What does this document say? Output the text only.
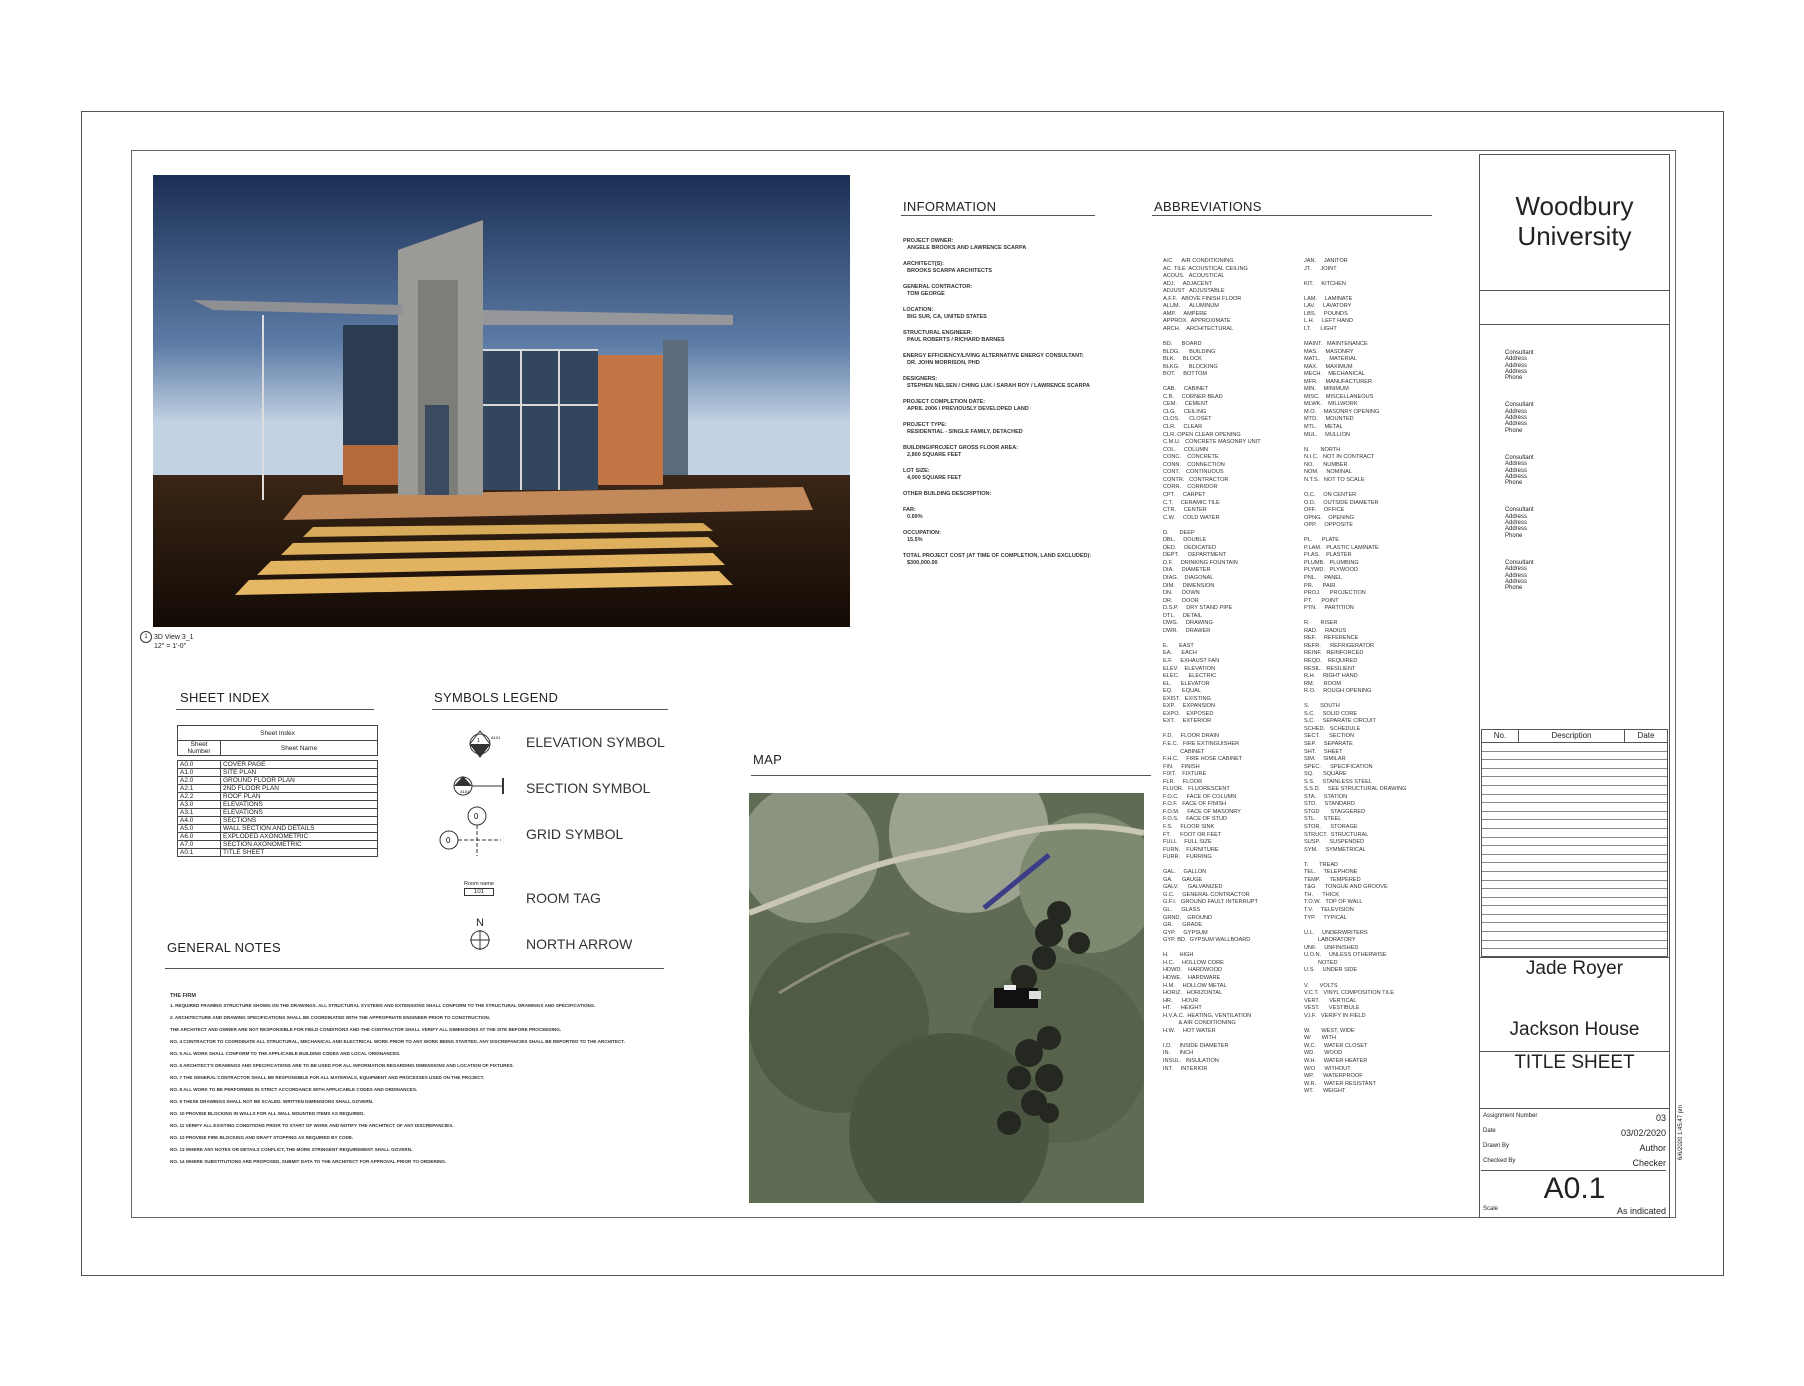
1 3D View 3_1
12" = 1'-0"
INFORMATION
PROJECT OWNER:
ANGELE BROOKS AND LAWRENCE SCARPA
ARCHITECT(S):
BROOKS SCARPA ARCHITECTS
GENERAL CONTRACTOR:
TOM GEORGE
LOCATION:
BIG SUR, CA, UNITED STATES
STRUCTURAL ENGINEER:
PAUL ROBERTS / RICHARD BARNES
ENERGY EFFICIENCY/LIVING ALTERNATIVE ENERGY CONSULTANT:
DR. JOHN MORRISON, PHD
DESIGNERS:
STEPHEN NELSEN / CHING LUK / SARAH ROY / LAWRENCE SCARPA
PROJECT COMPLETION DATE:
APRIL 2006 / PREVIOUSLY DEVELOPED LAND
PROJECT TYPE:
RESIDENTIAL - SINGLE FAMILY, DETACHED
BUILDING/PROJECT GROSS FLOOR AREA:
2,800 SQUARE FEET
LOT SIZE:
4,000 SQUARE FEET
OTHER BUILDING DESCRIPTION:
FAR:
0.69%
OCCUPATION:
15.5%
TOTAL PROJECT COST (AT TIME OF COMPLETION, LAND EXCLUDED):
$300,000.00
ABBREVIATIONS
A/C      AIR CONDITIONING
AC. TILE  ACOUSTICAL CEILING
ACOUS.   ACOUSTICAL
ADJ.     ADJACENT
ADJUST   ADJUSTABLE
A.F.F.   ABOVE FINISH FLOOR
ALUM.      ALUMINUM
AMP.     AMPERE
APPROX.  APPROXIMATE
ARCH.    ARCHITECTURAL

BD.      BOARD
BLDG.      BUILDING
BLK.     BLOCK
BLKG.      BLOCKING
BOT.     BOTTOM

CAB.     CABINET
C.B.     CORNER BEAD
CEM.     CEMENT
CLG.     CEILING
CLOS.      CLOSET
CLR.     CLEAR
CLR. OPEN CLEAR OPENING
C.M.U.   CONCRETE MASONRY UNIT
COL.     COLUMN
CONC.    CONCRETE
CONN.    CONNECTION
CONT.    CONTINUOUS
CONTR.   CONTRACTOR
CORR.    CORRIDOR
CPT.     CARPET
C.T.     CERAMIC TILE
CTR.     CENTER
C.W.     COLD WATER

D.       DEEP
DBL.     DOUBLE
DED.     DEDICATED
DEPT.      DEPARTMENT
D.F.     DRINKING FOUNTAIN
DIA.     DIAMETER
DIAG.    DIAGONAL
DIM.     DIMENSION
DN.      DOWN
DR.      DOOR
D.S.P.     DRY STAND PIPE
DTL.     DETAIL
DWG.     DRAWING
DWR.     DRAWER

E.       EAST
EA.      EACH
E.F.     EXHAUST FAN
ELEV.    ELEVATION
ELEC.      ELECTRIC
EL.      ELEVATOR
EQ.      EQUAL
EXIST.   EXISTING
EXP.     EXPANSION
EXPO.    EXPOSED
EXT.     EXTERIOR

F.D.     FLOOR DRAIN
F.E.C.   FIRE EXTINGUISHER
CABINET
F.H.C.     FIRE HOSE CABINET
FIN.     FINISH
FIXT.    FIXTURE
FLR.     FLOOR
FLUOR.   FLUORESCENT
F.O.C.     FACE OF COLUMN
F.O.F.   FACE OF FINISH
F.O.M.     FACE OF MASONRY
F.O.S.     FACE OF STUD
F.S.     FLOOR SINK
FT.      FOOT OR FEET
FULL     FULL SIZE
FURN.    FURNITURE
FURR.    FURRING

GAL.     GALLON
GA.      GAUGE
GALV.      GALVANIZED
G.C.     GENERAL CONTRACTOR
G.F.I.   GROUND FAULT INTERRUPT
GL.      GLASS
GRND.    GROUND
GR.      GRADE
GYP.     GYPSUM
GYP. BD.  GYPSUM WALLBOARD

H.       HIGH
H.C.     HOLLOW CORE
HDWD.    HARDWOOD
HDWE.    HARDWARE
H.M.     HOLLOW METAL
HORIZ.   HORIZONTAL
HR.      HOUR
HT.      HEIGHT
H.V.A.C.  HEATING, VENTILATION
& AIR CONDITIONING
H.W.     HOT WATER

I.D.     INSIDE DIAMETER
IN.      INCH
INSUL.   INSULATION
INT.     INTERIOR
JAN.     JANITOR
JT.      JOINT

KIT.     KITCHEN

LAM.     LAMINATE
LAV.     LAVATORY
LBS.     POUNDS
L.H.     LEFT HAND
LT.      LIGHT

MAINT.   MAINTENANCE
MAS.     MASONRY
MATL.      MATERIAL
MAX.     MAXIMUM
MECH.    MECHANICAL
MFR.     MANUFACTURER
MIN.     MINIMUM
MISC.    MISCELLANEOUS
MLWK.    MILLWORK
M.O.     MASONRY OPENING
MTD.     MOUNTED
MTL.     METAL
MUL.     MULLION

N.       NORTH
N.I.C.   NOT IN CONTRACT
NO.      NUMBER
NOM.     NOMINAL
N.T.S.   NOT TO SCALE

O.C.     ON CENTER
O.D.     OUTSIDE DIAMETER
OFF.     OFFICE
OPNG.    OPENING
OPP.     OPPOSITE

PL.      PLATE
P.LAM.   PLASTIC LAMINATE
PLAS.    PLASTER
PLUMB.   PLUMBING
PLYWD.   PLYWOOD
PNL.     PANEL
PR.      PAIR
PROJ.      PROJECTION
PT.      POINT
PTN.     PARTITION

R.       RISER
RAD.     RADIUS
REF.     REFERENCE
REFR.      REFRIGERATOR
REINF.   REINFORCED
REQD.    REQUIRED
RESIL.   RESILIENT
R.H.     RIGHT HAND
RM.      ROOM
R.O.     ROUGH OPENING

S.       SOUTH
S.C.     SOLID CORE
S.C.     SEPARATE CIRCUIT
SCHED.   SCHEDULE
SECT.      SECTION
SEP.     SEPARATE
SHT.     SHEET
SIM.     SIMILAR
SPEC.      SPECIFICATION
SQ.      SQUARE
S.S.     STAINLESS STEEL
S.S.D.     SEE STRUCTURAL DRAWING
STA.     STATION
STD.     STANDARD
STGD       STAGGERED
STL.     STEEL
STOR.      STORAGE
STRUCT.  STRUCTURAL
SUSP.      SUSPENDED
SYM.     SYMMETRICAL

T.       TREAD
TEL.     TELEPHONE
TEMP.      TEMPERED
T&G      TONGUE AND GROOVE
TH.      THICK
T.O.W.   TOP OF WALL
T.V.     TELEVISION
TYP.     TYPICAL

U.L.     UNDERWRITERS
LABORATORY
UNF.     UNFINISHED
U.O.N.     UNLESS OTHERWISE
NOTED
U.S.     UNDER SIDE

V.       VOLTS
V.C.T.   VINYL COMPOSITION TILE
VERT.      VERTICAL
VEST.      VESTIBULE
V.I.F.   VERIFY IN FIELD

W.       WEST, WIDE
W/       WITH
W.C.     WATER CLOSET
WD.      WOOD
W.H.     WATER HEATER
W/O      WITHOUT
WP.      WATERPROOF
W.R.     WATER RESISTANT
WT.      WEIGHT
SHEET INDEX
Sheet Index	
Sheet Number	Sheet Name

A0.0	COVER PAGE
A1.0	SITE PLAN
A2.0	GROUND FLOOR PLAN
A2.1	2ND FLOOR PLAN
A2.2	ROOF PLAN
A3.0	ELEVATIONS
A3.1	ELEVATIONS
A4.0	SECTIONS
A5.0	WALL SECTION AND DETAILS
A6.0	EXPLODED AXONOMETRIC
A7.0	SECTION AXONOMETRIC
A0.1	TITLE SHEET
SYMBOLS LEGEND
1
A101 ELEVATION SYMBOL
A101	SECTION SYMBOL
0
0	GRID SYMBOL
Room name
101	ROOM TAG
N
NORTH ARROW
GENERAL NOTES
THE FIRM
1. REQUIRED FRAMING STRUCTURE SHOWN ON THE DRAWINGS. ALL STRUCTURAL SYSTEMS AND EXTENSIONS SHALL CONFORM TO THE STRUCTURAL DRAWINGS AND SPECIFICATIONS.
2. ARCHITECTURE AND DRAWING SPECIFICATIONS SHALL BE COORDINATED WITH THE APPROPRIATE ENGINEER PRIOR TO CONSTRUCTION.
THE ARCHITECT AND OWNER ARE NOT RESPONSIBLE FOR FIELD CONDITIONS AND THE CONTRACTOR SHALL VERIFY ALL DIMENSIONS AT THE SITE BEFORE PROCEEDING.
NO. 4 CONTRACTOR TO COORDINATE ALL STRUCTURAL, MECHANICAL AND ELECTRICAL WORK PRIOR TO ANY WORK BEING STARTED. ANY DISCREPANCIES SHALL BE REPORTED TO THE ARCHITECT.
NO. 5 ALL WORK SHALL CONFORM TO THE APPLICABLE BUILDING CODES AND LOCAL ORDINANCES.
NO. 6 ARCHITECT'S DRAWINGS AND SPECIFICATIONS ARE TO BE USED FOR ALL INFORMATION REGARDING DIMENSIONS AND LOCATION OF FIXTURES.
NO. 7 THE GENERAL CONTRACTOR SHALL BE RESPONSIBLE FOR ALL MATERIALS, EQUIPMENT AND PROCESSES USED ON THE PROJECT.
NO. 8 ALL WORK TO BE PERFORMED IN STRICT ACCORDANCE WITH APPLICABLE CODES AND ORDINANCES.
NO. 9 THESE DRAWINGS SHALL NOT BE SCALED. WRITTEN DIMENSIONS SHALL GOVERN.
NO. 10 PROVIDE BLOCKING IN WALLS FOR ALL WALL MOUNTED ITEMS AS REQUIRED.
NO. 11 VERIFY ALL EXISTING CONDITIONS PRIOR TO START OF WORK AND NOTIFY THE ARCHITECT OF ANY DISCREPANCIES.
NO. 12 PROVIDE FIRE BLOCKING AND DRAFT STOPPING AS REQUIRED BY CODE.
NO. 13 WHERE ANY NOTES OR DETAILS CONFLICT, THE MORE STRINGENT REQUIREMENT SHALL GOVERN.
NO. 14 WHERE SUBSTITUTIONS ARE PROPOSED, SUBMIT DATA TO THE ARCHITECT FOR APPROVAL PRIOR TO ORDERING.
MAP
Woodbury University
Consultant
Address
Address
Address
Phone
Consultant
Address
Address
Address
Phone
Consultant
Address
Address
Address
Phone
Consultant
Address
Address
Address
Phone
Consultant
Address
Address
Address
Phone
No.	Description	Date
Jade Royer
Jackson House
TITLE SHEET
Assignment Number	03
Date	03/02/2020
Drawn By	Author
Checked By	Checker
A0.1
Scale	As indicated
6/6/2020 1:45:47 pm
